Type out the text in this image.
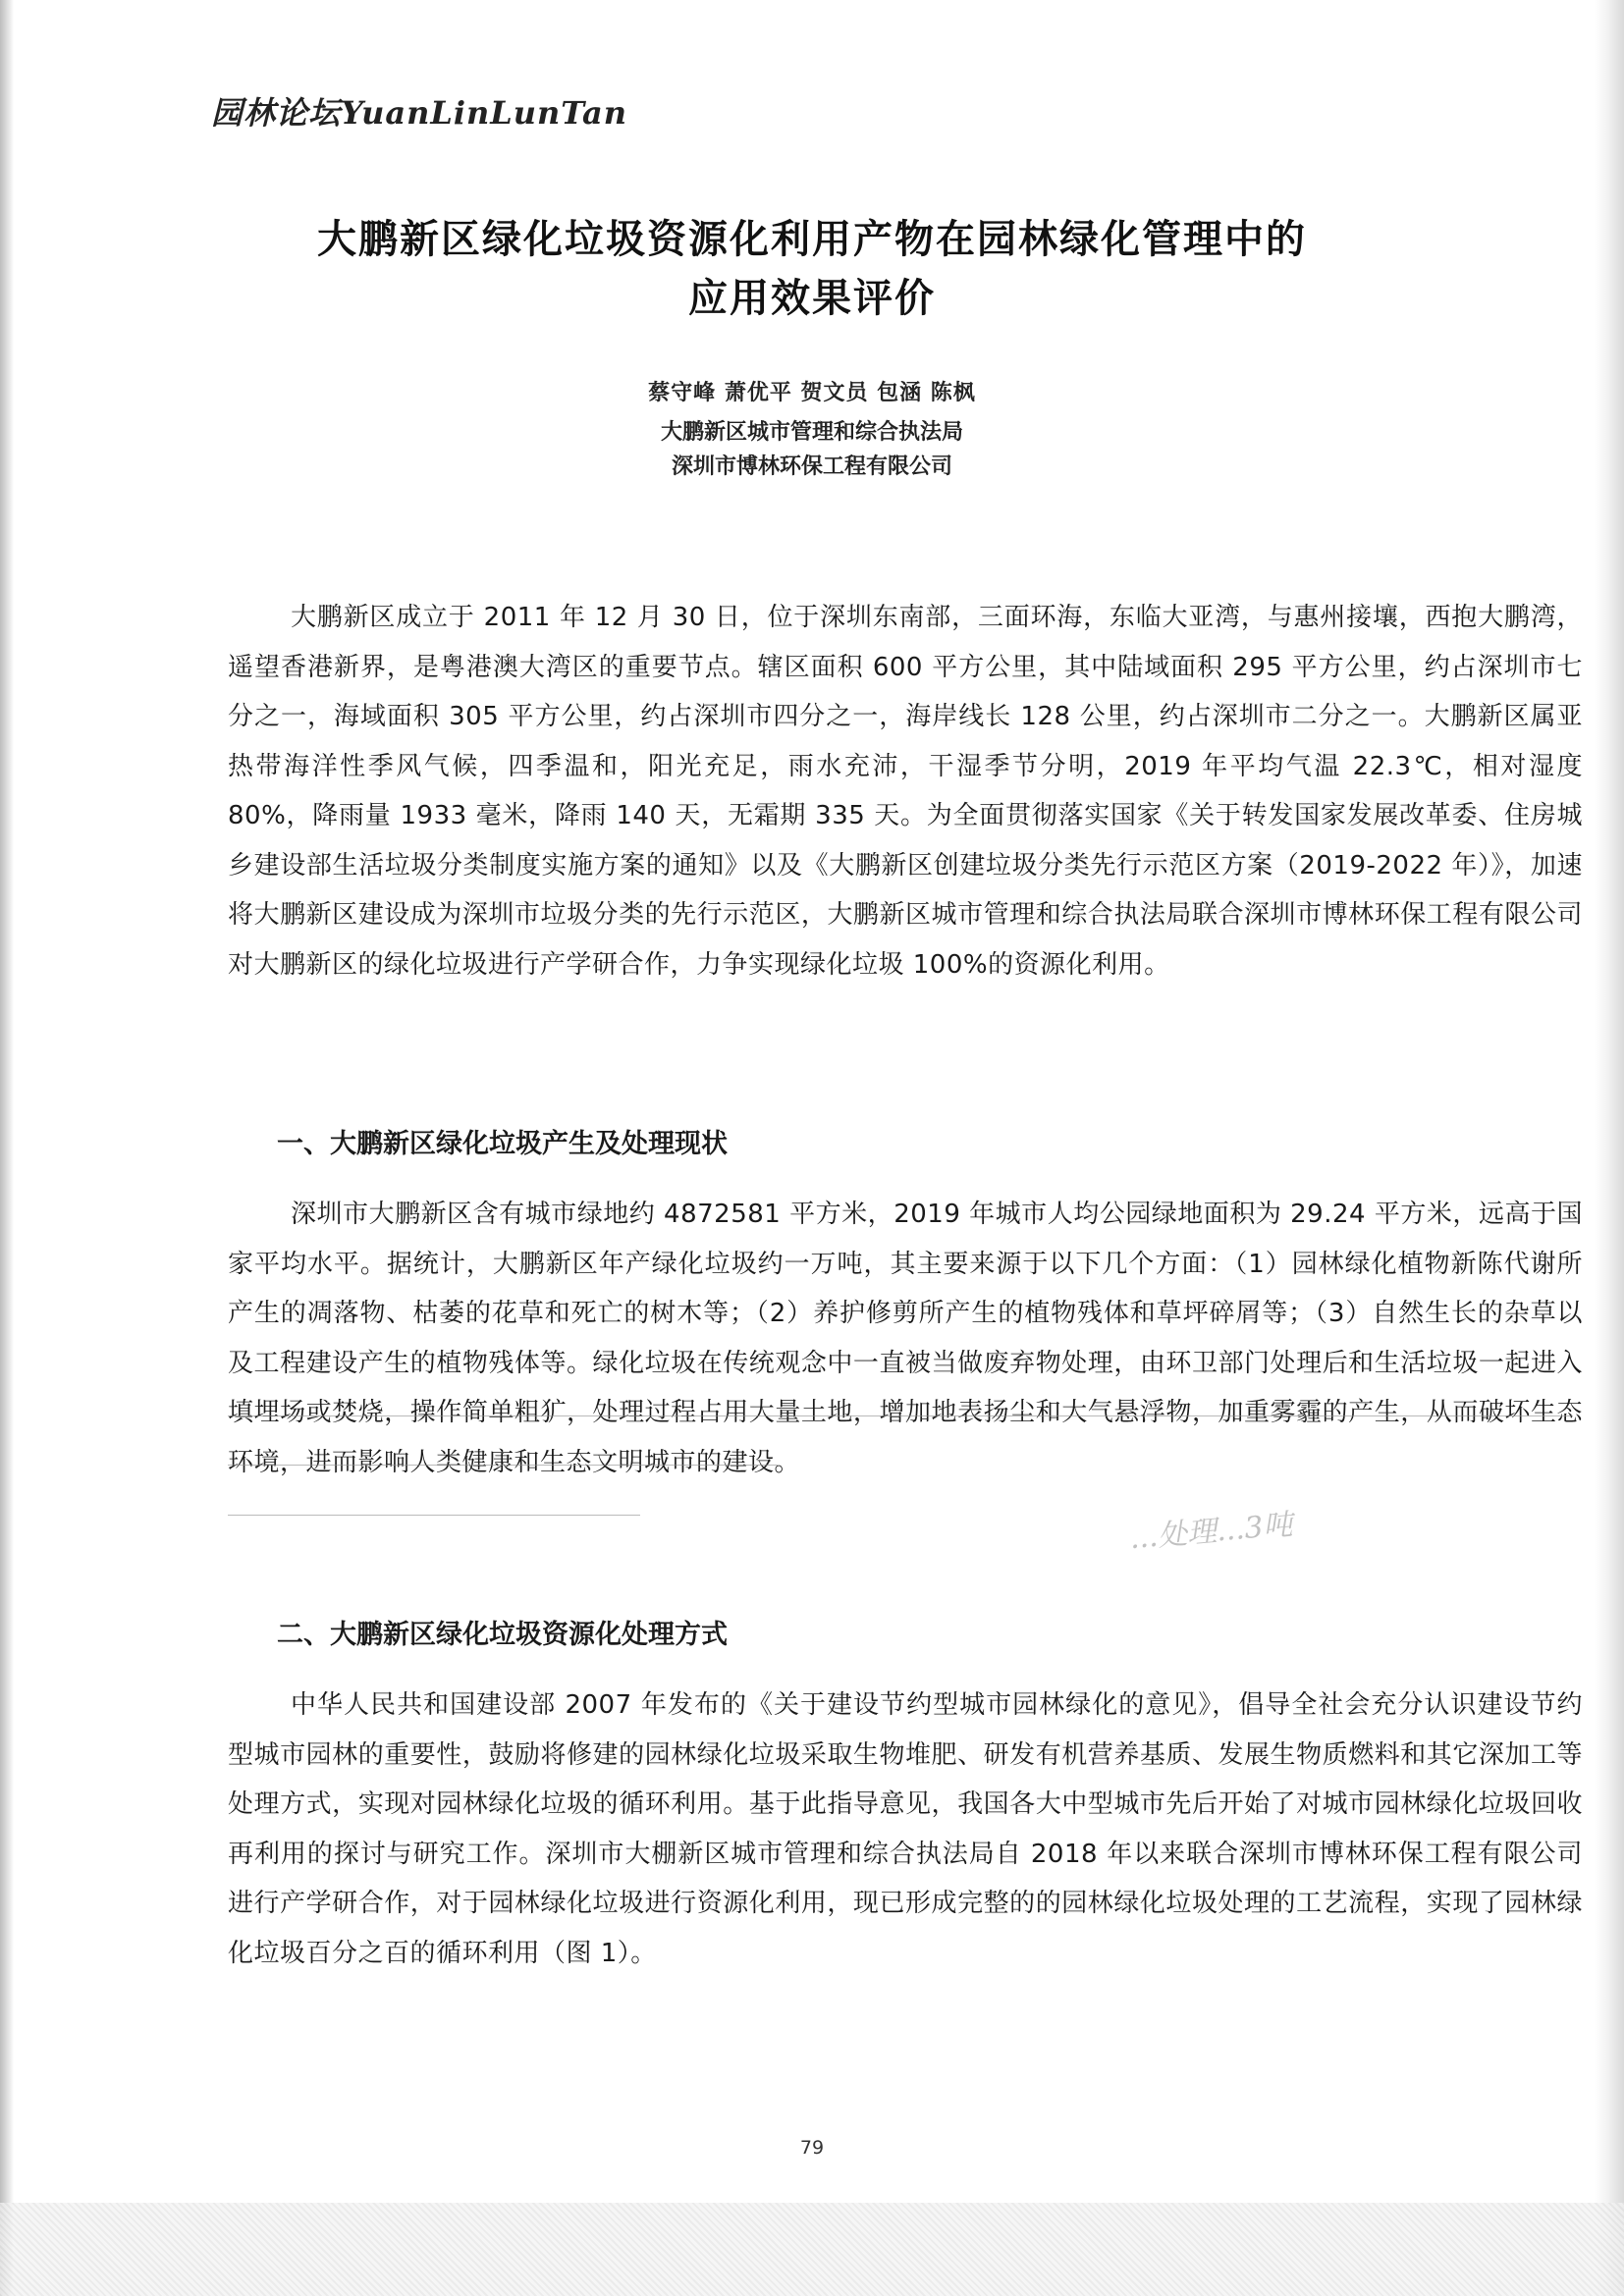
园林论坛YuanLinLunTan
大鹏新区绿化垃圾资源化利用产物在园林绿化管理中的
应用效果评价
蔡守峰 萧优平 贺文员 包涵 陈枫
大鹏新区城市管理和综合执法局
深圳市博林环保工程有限公司

大鹏新区成立于 2011 年 12 月 30 日，位于深圳东南部，三面环海，东临大亚湾，与惠州接壤，西抱大鹏湾，遥望香港新界，是粤港澳大湾区的重要节点。辖区面积 600 平方公里，其中陆域面积 295 平方公里，约占深圳市七分之一，海域面积 305 平方公里，约占深圳市四分之一，海岸线长 128 公里，约占深圳市二分之一。大鹏新区属亚热带海洋性季风气候，四季温和，阳光充足，雨水充沛，干湿季节分明，2019 年平均气温 22.3℃，相对湿度 80%，降雨量 1933 毫米，降雨 140 天，无霜期 335 天。为全面贯彻落实国家《关于转发国家发展改革委、住房城乡建设部生活垃圾分类制度实施方案的通知》以及《大鹏新区创建垃圾分类先行示范区方案（2019-2022 年）》，加速将大鹏新区建设成为深圳市垃圾分类的先行示范区，大鹏新区城市管理和综合执法局联合深圳市博林环保工程有限公司对大鹏新区的绿化垃圾进行产学研合作，力争实现绿化垃圾 100%的资源化利用。

一、大鹏新区绿化垃圾产生及处理现状

深圳市大鹏新区含有城市绿地约 4872581 平方米，2019 年城市人均公园绿地面积为 29.24 平方米，远高于国家平均水平。据统计，大鹏新区年产绿化垃圾约一万吨，其主要来源于以下几个方面：（1）园林绿化植物新陈代谢所产生的凋落物、枯萎的花草和死亡的树木等；（2）养护修剪所产生的植物残体和草坪碎屑等；（3）自然生长的杂草以及工程建设产生的植物残体等。绿化垃圾在传统观念中一直被当做废弃物处理，由环卫部门处理后和生活垃圾一起进入填埋场或焚烧，操作简单粗犷，处理过程占用大量土地，增加地表扬尘和大气悬浮物，加重雾霾的产生，从而破坏生态环境，进而影响人类健康和生态文明城市的建设。

二、大鹏新区绿化垃圾资源化处理方式

中华人民共和国建设部 2007 年发布的《关于建设节约型城市园林绿化的意见》，倡导全社会充分认识建设节约型城市园林的重要性，鼓励将修建的园林绿化垃圾采取生物堆肥、研发有机营养基质、发展生物质燃料和其它深加工等处理方式，实现对园林绿化垃圾的循环利用。基于此指导意见，我国各大中型城市先后开始了对城市园林绿化垃圾回收再利用的探讨与研究工作。深圳市大棚新区城市管理和综合执法局自 2018 年以来联合深圳市博林环保工程有限公司进行产学研合作，对于园林绿化垃圾进行资源化利用，现已形成完整的的园林绿化垃圾处理的工艺流程，实现了园林绿化垃圾百分之百的循环利用（图 1）。

...处理...3吨
79
